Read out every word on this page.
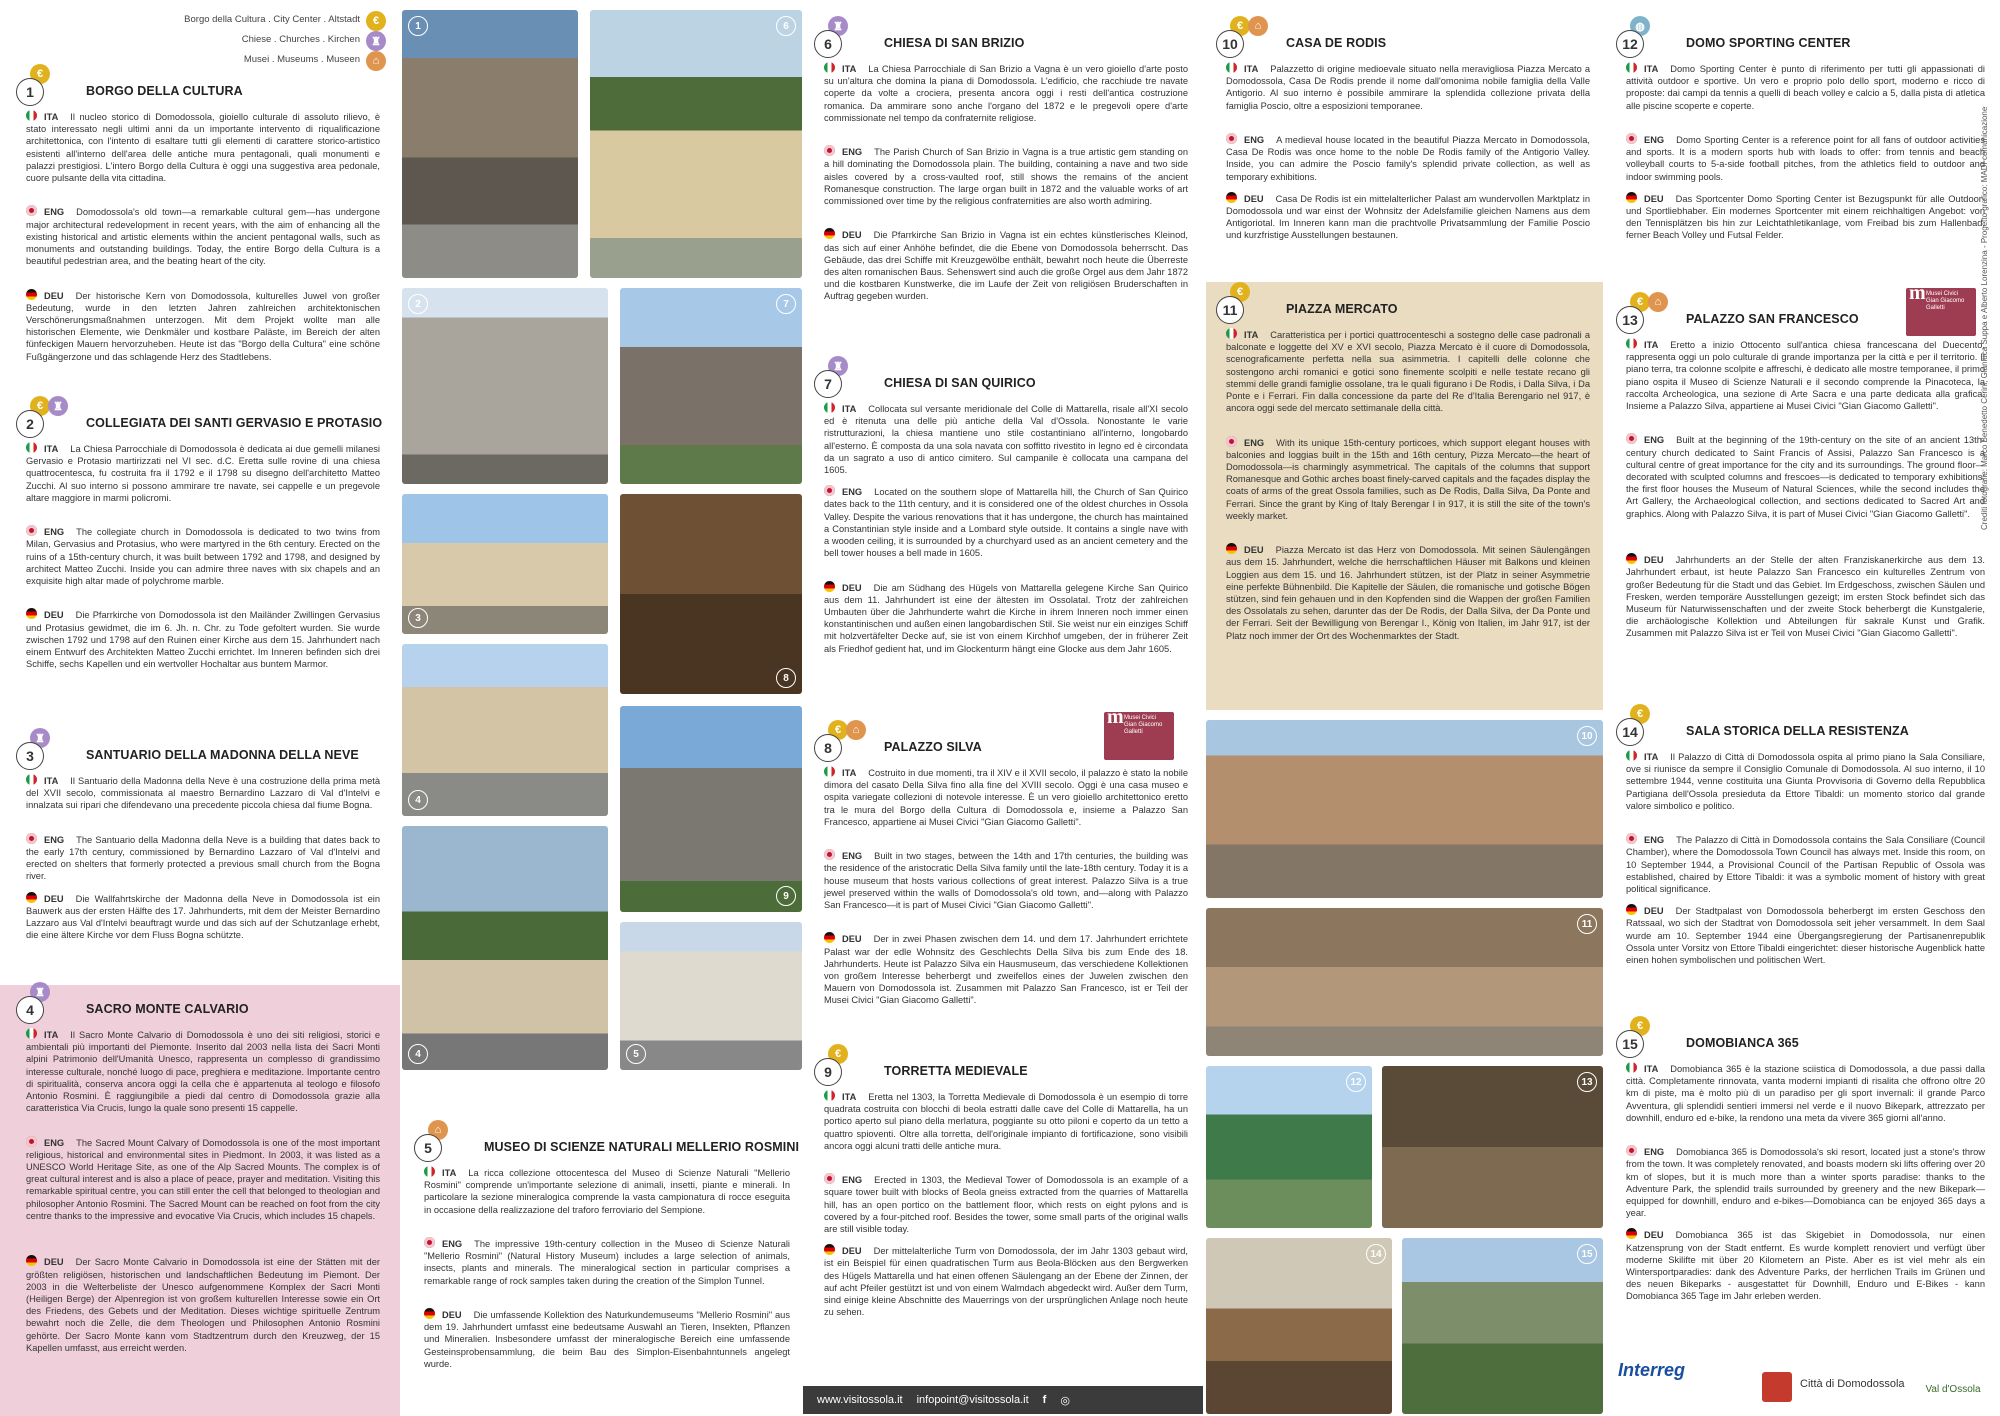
Borgo della Cultura . City Center . Altstadt	€
Chiese . Churches . Kirchen	♜
Musei . Museums . Museen	⌂
€
1	BORGO DELLA CULTURA
ITA Il nucleo storico di Domodossola, gioiello culturale di assoluto rilievo, è stato interessato negli ultimi anni da un importante intervento di riqualificazione architettonica, con l'intento di esaltare tutti gli elementi di carattere storico-artistico esistenti all'interno dell'area delle antiche mura pentagonali, quali monumenti e palazzi prestigiosi. L'intero Borgo della Cultura è oggi una suggestiva area pedonale, cuore pulsante della vita cittadina.
ENG Domodossola's old town—a remarkable cultural gem—has undergone major architectural redevelopment in recent years, with the aim of enhancing all the existing historical and artistic elements within the ancient pentagonal walls, such as monuments and outstanding buildings. Today, the entire Borgo della Cultura is a beautiful pedestrian area, and the beating heart of the city.
DEU Der historische Kern von Domodossola, kulturelles Juwel von großer Bedeutung, wurde in den letzten Jahren zahlreichen architektonischen Verschönerungsmaßnahmen unterzogen. Mit dem Projekt wollte man alle historischen Elemente, wie Denkmäler und kostbare Paläste, im Bereich der alten fünfeckigen Mauern hervorzuheben. Heute ist das "Borgo della Cultura" eine schöne Fußgängerzone und das schlagende Herz des Stadtlebens.
€ ♜
2	COLLEGIATA DEI SANTI GERVASIO E PROTASIO
ITA La Chiesa Parrocchiale di Domodossola è dedicata ai due gemelli milanesi Gervasio e Protasio martirizzati nel VI sec. d.C. Eretta sulle rovine di una chiesa quattrocentesca, fu costruita fra il 1792 e il 1798 su disegno dell'architetto Matteo Zucchi. Al suo interno si possono ammirare tre navate, sei cappelle e un pregevole altare maggiore in marmi policromi.
ENG The collegiate church in Domodossola is dedicated to two twins from Milan, Gervasius and Protasius, who were martyred in the 6th century. Erected on the ruins of a 15th-century church, it was built between 1792 and 1798, and designed by architect Matteo Zucchi. Inside you can admire three naves with six chapels and an exquisite high altar made of polychrome marble.
DEU Die Pfarrkirche von Domodossola ist den Mailänder Zwillingen Gervasius und Protasius gewidmet, die im 6. Jh. n. Chr. zu Tode gefoltert wurden. Sie wurde zwischen 1792 und 1798 auf den Ruinen einer Kirche aus dem 15. Jahrhundert nach einem Entwurf des Architekten Matteo Zucchi errichtet. Im Inneren befinden sich drei Schiffe, sechs Kapellen und ein wertvoller Hochaltar aus buntem Marmor.
♜
3	SANTUARIO DELLA MADONNA DELLA NEVE
ITA Il Santuario della Madonna della Neve è una costruzione della prima metà del XVII secolo, commissionata al maestro Bernardino Lazzaro di Val d'Intelvi e innalzata sui ripari che difendevano una precedente piccola chiesa dal fiume Bogna.
ENG The Santuario della Madonna della Neve is a building that dates back to the early 17th century, commissioned by Bernardino Lazzaro of Val d'Intelvi and erected on shelters that formerly protected a previous small church from the Bogna river.
DEU Die Wallfahrtskirche der Madonna della Neve in Domodossola ist ein Bauwerk aus der ersten Hälfte des 17. Jahrhunderts, mit dem der Meister Bernardino Lazzaro aus Val d'Intelvi beauftragt wurde und das sich auf der Schutzanlage erhebt, die eine ältere Kirche vor dem Fluss Bogna schützte.
♜
4	SACRO MONTE CALVARIO
ITA Il Sacro Monte Calvario di Domodossola è uno dei siti religiosi, storici e ambientali più importanti del Piemonte. Inserito dal 2003 nella lista dei Sacri Monti alpini Patrimonio dell'Umanità Unesco, rappresenta un complesso di grandissimo interesse culturale, nonché luogo di pace, preghiera e meditazione. Importante centro di spiritualità, conserva ancora oggi la cella che è appartenuta al teologo e filosofo Antonio Rosmini. È raggiungibile a piedi dal centro di Domodossola grazie alla caratteristica Via Crucis, lungo la quale sono presenti 15 cappelle.
ENG The Sacred Mount Calvary of Domodossola is one of the most important religious, historical and environmental sites in Piedmont. In 2003, it was listed as a UNESCO World Heritage Site, as one of the Alp Sacred Mounts. The complex is of great cultural interest and is also a place of peace, prayer and meditation. Visiting this remarkable spiritual centre, you can still enter the cell that belonged to theologian and philosopher Antonio Rosmini. The Sacred Mount can be reached on foot from the city centre thanks to the impressive and evocative Via Crucis, which includes 15 chapels.
DEU Der Sacro Monte Calvario in Domodossola ist eine der Stätten mit der größten religiösen, historischen und landschaftlichen Bedeutung im Piemont. Der 2003 in die Welterbeliste der Unesco aufgenommene Komplex der Sacri Monti (Heiligen Berge) der Alpenregion ist von großem kulturellen Interesse sowie ein Ort des Friedens, des Gebets und der Meditation. Dieses wichtige spirituelle Zentrum bewahrt noch die Zelle, die dem Theologen und Philosophen Antonio Rosmini gehörte. Der Sacro Monte kann vom Stadtzentrum durch den Kreuzweg, der 15 Kapellen umfasst, aus erreicht werden.
⌂
5	MUSEO DI SCIENZE NATURALI MELLERIO ROSMINI
ITA La ricca collezione ottocentesca del Museo di Scienze Naturali "Mellerio Rosmini" comprende un'importante selezione di animali, insetti, piante e minerali. In particolare la sezione mineralogica comprende la vasta campionatura di rocce eseguita in occasione della realizzazione del traforo ferroviario del Sempione.
ENG The impressive 19th-century collection in the Museo di Scienze Naturali "Mellerio Rosmini" (Natural History Museum) includes a large selection of animals, insects, plants and minerals. The mineralogical section in particular comprises a remarkable range of rock samples taken during the creation of the Simplon Tunnel.
DEU Die umfassende Kollektion des Naturkundemuseums "Mellerio Rosmini" aus dem 19. Jahrhundert umfasst eine bedeutsame Auswahl an Tieren, Insekten, Pflanzen und Mineralien. Insbesondere umfasst der mineralogische Bereich eine umfassende Gesteinsprobensammlung, die beim Bau des Simplon-Eisenbahntunnels angelegt wurde.
♜
6	CHIESA DI SAN BRIZIO
ITA La Chiesa Parrocchiale di San Brizio a Vagna è un vero gioiello d'arte posto su un'altura che domina la piana di Domodossola. L'edificio, che racchiude tre navate coperte da volte a crociera, presenta ancora oggi i resti dell'antica costruzione romanica. Da ammirare sono anche l'organo del 1872 e le pregevoli opere d'arte commissionate nel tempo da confraternite religiose.
ENG The Parish Church of San Brizio in Vagna is a true artistic gem standing on a hill dominating the Domodossola plain. The building, containing a nave and two side aisles covered by a cross-vaulted roof, still shows the remains of the ancient Romanesque construction. The large organ built in 1872 and the valuable works of art commissioned over time by the religious confraternities are also worth admiring.
DEU Die Pfarrkirche San Brizio in Vagna ist ein echtes künstlerisches Kleinod, das sich auf einer Anhöhe befindet, die die Ebene von Domodossola beherrscht. Das Gebäude, das drei Schiffe mit Kreuzgewölbe enthält, bewahrt noch heute die Überreste des alten romanischen Baus. Sehenswert sind auch die große Orgel aus dem Jahr 1872 und die kostbaren Kunstwerke, die im Laufe der Zeit von religiösen Bruderschaften in Auftrag gegeben wurden.
♜
7	CHIESA DI SAN QUIRICO
ITA Collocata sul versante meridionale del Colle di Mattarella, risale all'XI secolo ed è ritenuta una delle più antiche della Val d'Ossola. Nonostante le varie ristrutturazioni, la chiesa mantiene uno stile costantiniano all'interno, longobardo all'esterno. È composta da una sola navata con soffitto rivestito in legno ed è circondata da un sagrato a uso di antico cimitero. Sul campanile è collocata una campana del 1605.
ENG Located on the southern slope of Mattarella hill, the Church of San Quirico dates back to the 11th century, and it is considered one of the oldest churches in Ossola Valley. Despite the various renovations that it has undergone, the church has maintained a Constantinian style inside and a Lombard style outside. It contains a single nave with a wooden ceiling, it is surrounded by a churchyard used as an ancient cemetery and the bell tower houses a bell made in 1605.
DEU Die am Südhang des Hügels von Mattarella gelegene Kirche San Quirico aus dem 11. Jahrhundert ist eine der ältesten im Ossolatal. Trotz der zahlreichen Umbauten über die Jahrhunderte wahrt die Kirche in ihrem Inneren noch immer einen konstantinischen und außen einen langobardischen Stil. Sie weist nur ein einziges Schiff mit holzvertäfelter Decke auf, sie ist von einem Kirchhof umgeben, der in früherer Zeit als Friedhof gedient hat, und im Glockenturm hängt eine Glocke aus dem Jahr 1605.
€	⌂
8	PALAZZO SILVA
ITA Costruito in due momenti, tra il XIV e il XVII secolo, il palazzo è stato la nobile dimora del casato Della Silva fino alla fine del XVIII secolo. Oggi è una casa museo e ospita variegate collezioni di notevole interesse. È un vero gioiello architettonico eretto tra le mura del Borgo della Cultura di Domodossola e, insieme a Palazzo San Francesco, appartiene ai Musei Civici "Gian Giacomo Galletti".
ENG Built in two stages, between the 14th and 17th centuries, the building was the residence of the aristocratic Della Silva family until the late-18th century. Today it is a house museum that hosts various collections of great interest. Palazzo Silva is a true jewel preserved within the walls of Domodossola's old town, and—along with Palazzo San Francesco—it is part of Musei Civici "Gian Giacomo Galletti".
DEU Der in zwei Phasen zwischen dem 14. und dem 17. Jahrhundert errichtete Palast war der edle Wohnsitz des Geschlechts Della Silva bis zum Ende des 18. Jahrhunderts. Heute ist Palazzo Silva ein Hausmuseum, das verschiedene Kollektionen von großem Interesse beherbergt und zweifellos eines der Juwelen zwischen den Mauern von Domodossola ist. Zusammen mit Palazzo San Francesco, ist er Teil der Musei Civici "Gian Giacomo Galletti".
€
9	TORRETTA MEDIEVALE
ITA Eretta nel 1303, la Torretta Medievale di Domodossola è un esempio di torre quadrata costruita con blocchi di beola estratti dalle cave del Colle di Mattarella, ha un portico aperto sul piano della merlatura, poggiante su otto piloni e coperto da un tetto a quattro spioventi. Oltre alla torretta, dell'originale impianto di fortificazione, sono visibili ancora oggi alcuni tratti delle antiche mura.
ENG Erected in 1303, the Medieval Tower of Domodossola is an example of a square tower built with blocks of Beola gneiss extracted from the quarries of Mattarella hill, has an open portico on the battlement floor, which rests on eight pylons and is covered by a four-pitched roof. Besides the tower, some small parts of the original walls are still visible today.
DEU Der mittelalterliche Turm von Domodossola, der im Jahr 1303 gebaut wird, ist ein Beispiel für einen quadratischen Turm aus Beola-Blöcken aus den Bergwerken des Hügels Mattarella und hat einen offenen Säulengang an der Ebene der Zinnen, der auf acht Pfeiler gestützt ist und von einem Walmdach abgedeckt wird. Außer dem Turm, sind einige kleine Abschnitte des Mauerrings von der ursprünglichen Anlage noch heute zu sehen.
€	⌂
10	CASA DE RODIS
ITA Palazzetto di origine medioevale situato nella meravigliosa Piazza Mercato a Domodossola, Casa De Rodis prende il nome dall'omonima nobile famiglia della Valle Antigorio. Al suo interno è possibile ammirare la splendida collezione privata della famiglia Poscio, oltre a esposizioni temporanee.
ENG A medieval house located in the beautiful Piazza Mercato in Domodossola, Casa De Rodis was once home to the noble De Rodis family of the Antigorio Valley. Inside, you can admire the Poscio family's splendid private collection, as well as temporary exhibitions.
DEU Casa De Rodis ist ein mittelalterlicher Palast am wundervollen Marktplatz in Domodossola und war einst der Wohnsitz der Adelsfamilie gleichen Namens aus dem Antigoriotal. Im Inneren kann man die prachtvolle Privatsammlung der Familie Poscio und kurzfristige Ausstellungen bestaunen.
€
11	PIAZZA MERCATO
ITA Caratteristica per i portici quattrocenteschi a sostegno delle case padronali a balconate e loggette del XV e XVI secolo, Piazza Mercato è il cuore di Domodossola, scenograficamente perfetta nella sua asimmetria. I capitelli delle colonne che sostengono archi romanici e gotici sono finemente scolpiti e nelle testate recano gli stemmi delle grandi famiglie ossolane, tra le quali figurano i De Rodis, i Dalla Silva, i Da Ponte e i Ferrari. Fin dalla concessione da parte del Re d'Italia Berengario nel 917, è ancora oggi sede del mercato settimanale della città.
ENG With its unique 15th-century porticoes, which support elegant houses with balconies and loggias built in the 15th and 16th century, Pizza Mercato—the heart of Domodossola—is charmingly asymmetrical. The capitals of the columns that support Romanesque and Gothic arches boast finely-carved capitals and the façades display the coats of arms of the great Ossola families, such as De Rodis, Dalla Silva, Da Ponte and Ferrari. Since the grant by King of Italy Berengar I in 917, it is still the site of the town's weekly market.
DEU Piazza Mercato ist das Herz von Domodossola. Mit seinen Säulengängen aus dem 15. Jahrhundert, welche die herrschaftlichen Häuser mit Balkons und kleinen Loggien aus dem 15. und 16. Jahrhundert stützen, ist der Platz in seiner Asymmetrie eine perfekte Bühnenbild. Die Kapitelle der Säulen, die romanische und gotische Bögen stützen, sind fein gehauen und in den Kopfenden sind die Wappen der großen Familien des Ossolatals zu sehen, darunter das der De Rodis, der Dalla Silva, der Da Ponte und der Ferrari. Seit der Bewilligung von Berengar I., König von Italien, im Jahr 917, ist der Platz noch immer der Ort des Wochenmarktes der Stadt.
◍
12	DOMO SPORTING CENTER
ITA Domo Sporting Center è punto di riferimento per tutti gli appassionati di attività outdoor e sportive. Un vero e proprio polo dello sport, moderno e ricco di proposte: dai campi da tennis a quelli di beach volley e calcio a 5, dalla pista di atletica alle piscine scoperte e coperte.
ENG Domo Sporting Center is a reference point for all fans of outdoor activities and sports. It is a modern sports hub with loads to offer: from tennis and beach volleyball courts to 5-a-side football pitches, from the athletics field to outdoor and indoor swimming pools.
DEU Das Sportcenter Domo Sporting Center ist Bezugspunkt für alle Outdoor- und Sportliebhaber. Ein modernes Sportcenter mit einem reichhaltigen Angebot: von den Tennisplätzen bis hin zur Leichtathletikanlage, vom Freibad bis zum Hallenbad, ferner Beach Volley und Futsal Felder.
€	⌂
13	PALAZZO SAN FRANCESCO
ITA Eretto a inizio Ottocento sull'antica chiesa francescana del Duecento, rappresenta oggi un polo culturale di grande importanza per la città e per il territorio. Il piano terra, tra colonne scolpite e affreschi, è dedicato alle mostre temporanee, il primo piano ospita il Museo di Scienze Naturali e il secondo comprende la Pinacoteca, la raccolta Archeologica, una sezione di Arte Sacra e una parte dedicata alla grafica. Insieme a Palazzo Silva, appartiene ai Musei Civici "Gian Giacomo Galletti".
ENG Built at the beginning of the 19th-century on the site of an ancient 13th-century church dedicated to Saint Francis of Assisi, Palazzo San Francesco is a cultural centre of great importance for the city and its surroundings. The ground floor—decorated with sculpted columns and frescoes—is dedicated to temporary exhibitions; the first floor houses the Museum of Natural Sciences, while the second includes the Art Gallery, the Archaeological collection, and sections dedicated to Sacred Art and graphics. Along with Palazzo Silva, it is part of Musei Civici "Gian Giacomo Galletti".
DEU Jahrhunderts an der Stelle der alten Franziskanerkirche aus dem 13. Jahrhundert erbaut, ist heute Palazzo San Francesco ein kulturelles Zentrum von großer Bedeutung für die Stadt und das Gebiet. Im Erdgeschoss, zwischen Säulen und Fresken, werden temporäre Ausstellungen gezeigt; im ersten Stock befindet sich das Museum für Naturwissenschaften und der zweite Stock beherbergt die Kunstgalerie, die archäologische Kollektion und Abteilungen für sakrale Kunst und Grafik. Zusammen mit Palazzo Silva ist er Teil von Musei Civici "Gian Giacomo Galletti".
€
14	SALA STORICA DELLA RESISTENZA
ITA Il Palazzo di Città di Domodossola ospita al primo piano la Sala Consiliare, ove si riunisce da sempre il Consiglio Comunale di Domodossola. Al suo interno, il 10 settembre 1944, venne costituita una Giunta Provvisoria di Governo della Repubblica Partigiana dell'Ossola presieduta da Ettore Tibaldi: un momento storico dal grande valore simbolico e politico.
ENG The Palazzo di Città in Domodossola contains the Sala Consiliare (Council Chamber), where the Domodossola Town Council has always met. Inside this room, on 10 September 1944, a Provisional Council of the Partisan Republic of Ossola was established, chaired by Ettore Tibaldi: it was a symbolic moment of history with great political significance.
DEU Der Stadtpalast von Domodossola beherbergt im ersten Geschoss den Ratssaal, wo sich der Stadtrat von Domodossola seit jeher versammelt. In dem Saal wurde am 10. September 1944 eine Übergangsregierung der Partisanenrepublik Ossola unter Vorsitz von Ettore Tibaldi eingerichtet: dieser historische Augenblick hatte einen hohen symbolischen und politischen Wert.
€
15	DOMOBIANCA 365
ITA Domobianca 365 è la stazione sciistica di Domodossola, a due passi dalla città. Completamente rinnovata, vanta moderni impianti di risalita che offrono oltre 20 km di piste, ma è molto più di un paradiso per gli sport invernali: il grande Parco Avventura, gli splendidi sentieri immersi nel verde e il nuovo Bikepark, attrezzato per downhill, enduro ed e-bike, la rendono una meta da vivere 365 giorni all'anno.
ENG Domobianca 365 is Domodossola's ski resort, located just a stone's throw from the town. It was completely renovated, and boasts modern ski lifts offering over 20 km of slopes, but it is much more than a winter sports paradise: thanks to the Adventure Park, the splendid trails surrounded by greenery and the new Bikepark—equipped for downhill, enduro and e-bikes—Domobianca can be enjoyed 365 days a year.
DEU Domobianca 365 ist das Skigebiet in Domodossola, nur einen Katzensprung von der Stadt entfernt. Es wurde komplett renoviert und verfügt über moderne Skilifte mit über 20 Kilometern an Piste. Aber es ist viel mehr als ein Wintersportparadies: dank des Adventure Parks, der herrlichen Trails im Grünen und des neuen Bikeparks - ausgestattet für Downhill, Enduro und E-Bikes - kann Domobianca 365 Tage im Jahr erleben werden.
1	6
2	7
3
8
4
9
4	5
10
11
12	13
14	15
m Musei Civici Gian Giacomo Galletti
m Musei Civici Gian Giacomo Galletti
www.visitossola.it infopoint@visitossola.it f ◎
Interreg
Città di Domodossola	Val d'Ossola
Crediti fotografie: Marco Benedetto Cerini, Gianluca Suppa e Alberto Lorenzina - Progetto grafico: MADI comunicazione
